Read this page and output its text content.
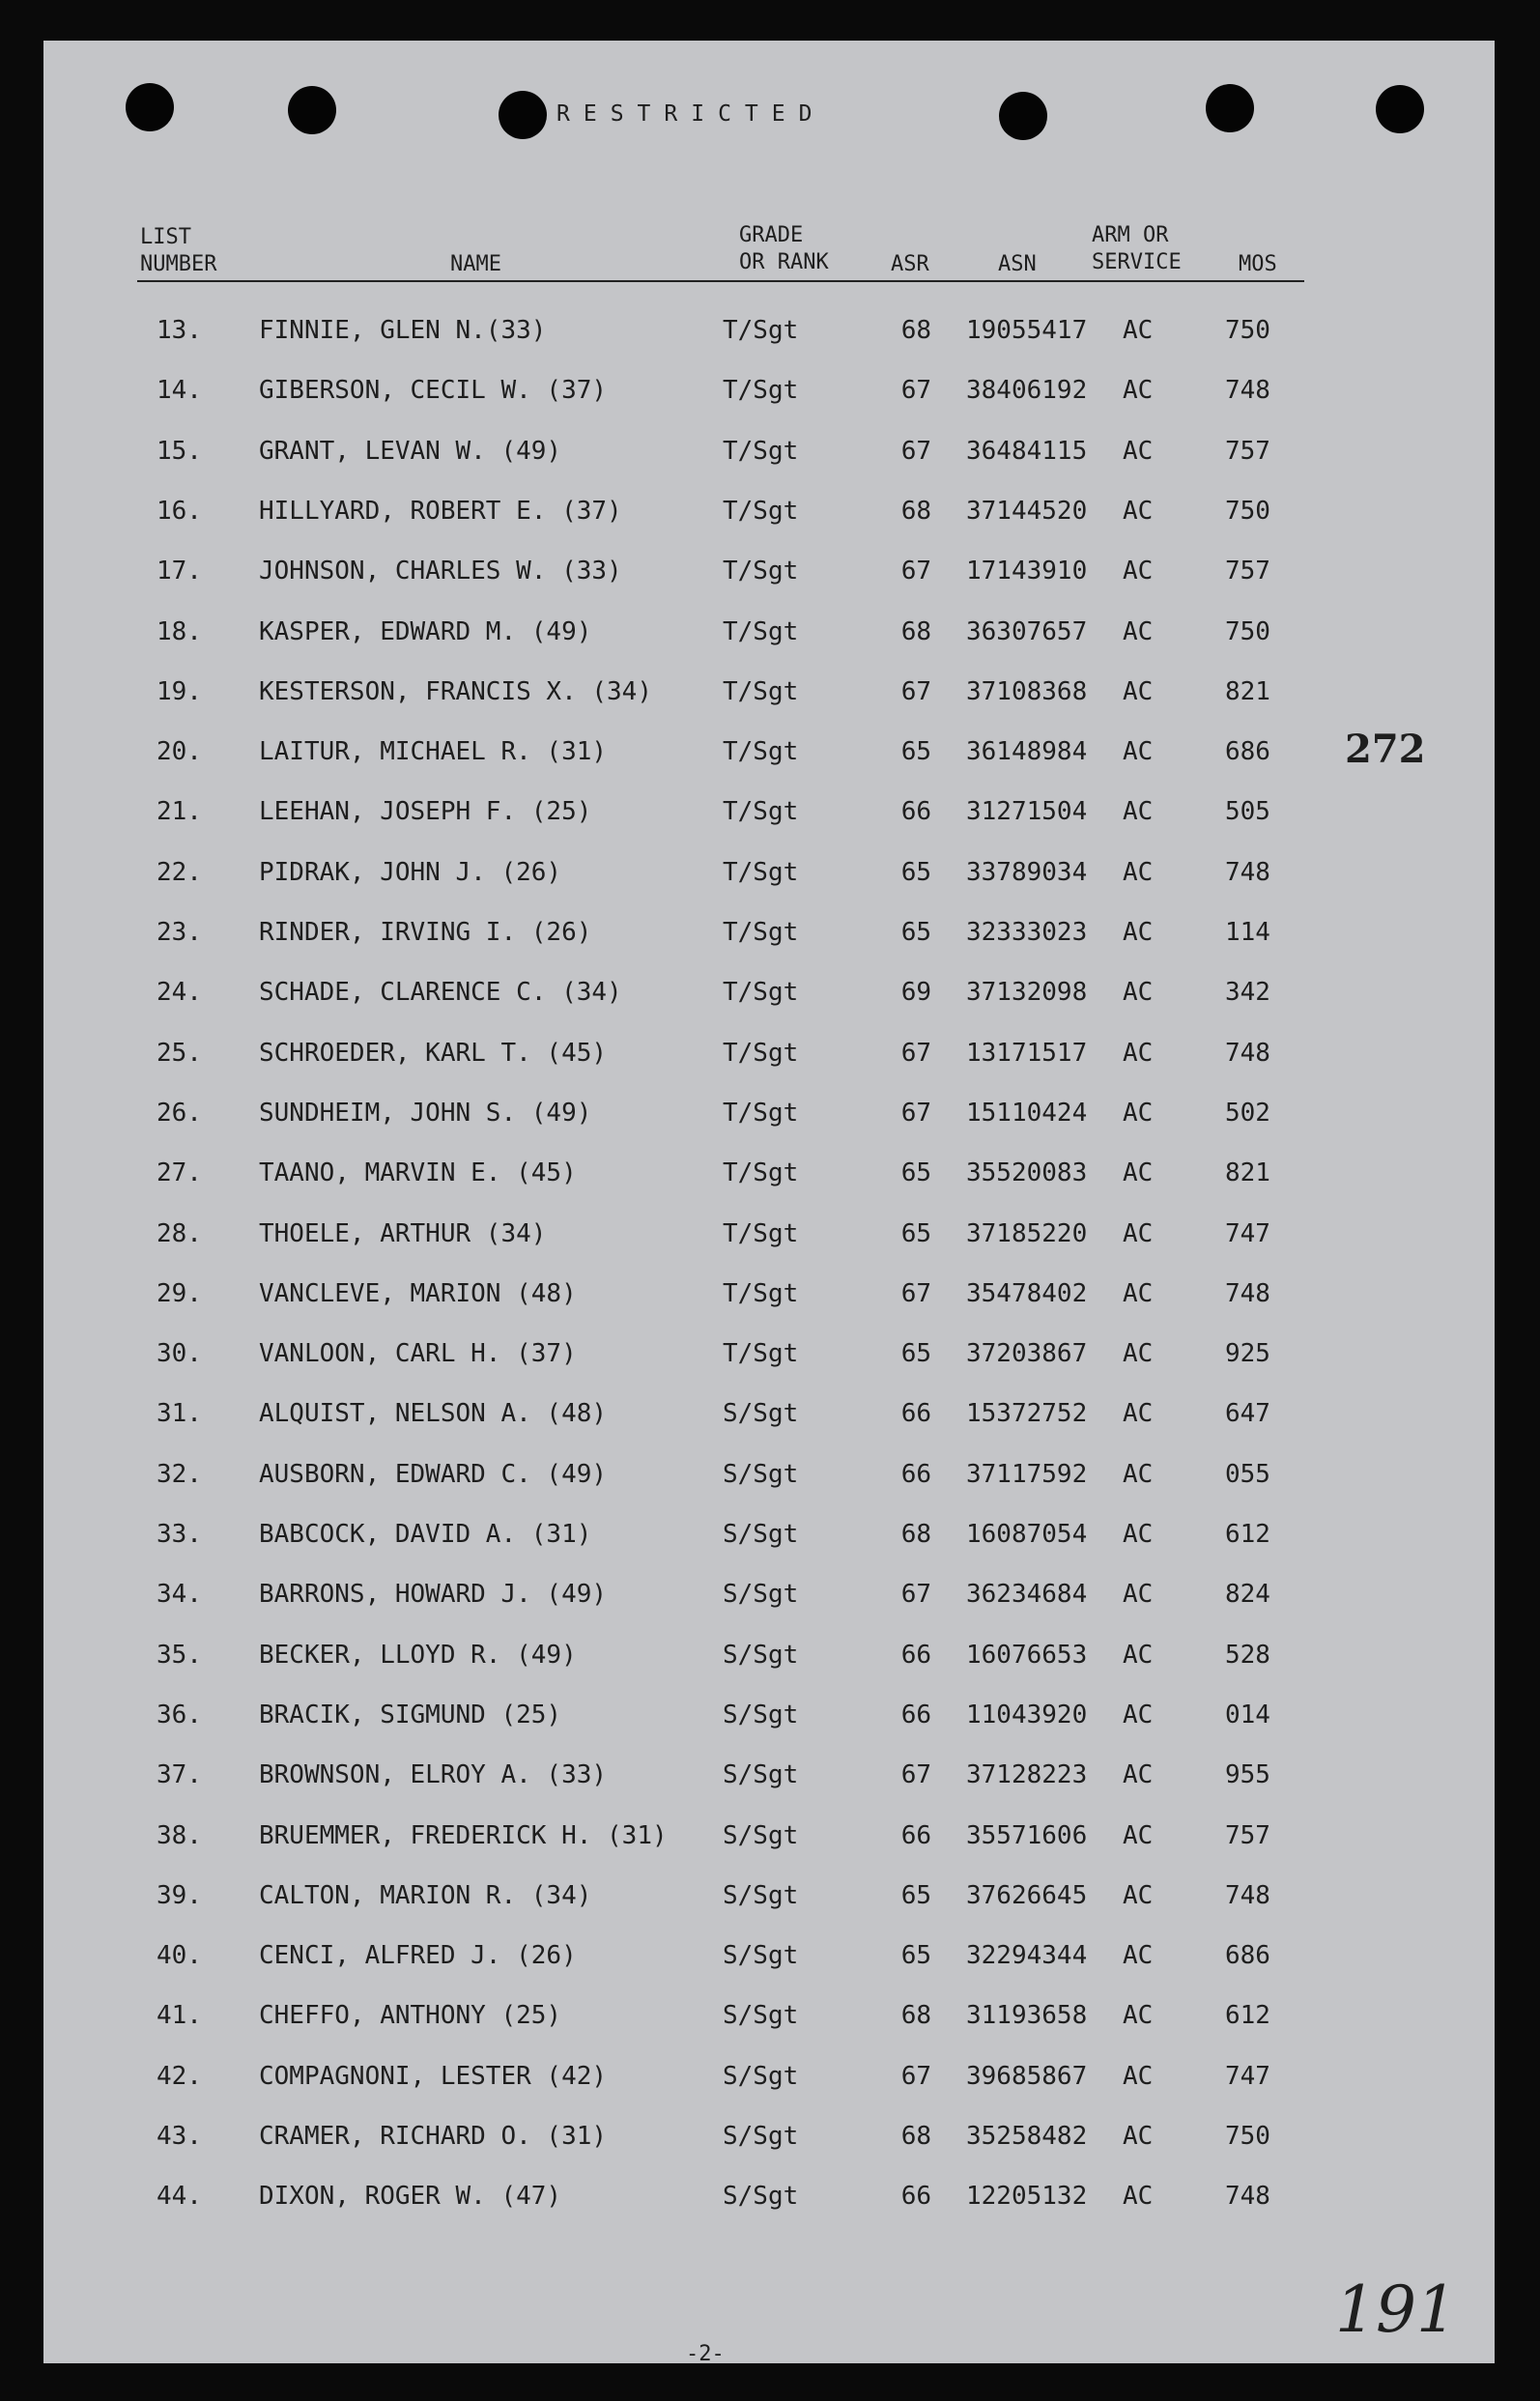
RESTRICTED
LIST
NUMBER	NAME
GRADE
OR RANK	ASR	ASN
ARM OR
SERVICE	MOS
13. FINNIE, GLEN N.(33)	T/Sgt	68 19055417 AC	750
14. GIBERSON, CECIL W. (37)	T/Sgt	67 38406192 AC	748
15. GRANT, LEVAN W. (49)	T/Sgt	67 36484115 AC	757
16. HILLYARD, ROBERT E. (37)	T/Sgt	68 37144520 AC	750
17. JOHNSON, CHARLES W. (33)	T/Sgt	67 17143910 AC	757
18. KASPER, EDWARD M. (49)	T/Sgt	68 36307657 AC	750
19. KESTERSON, FRANCIS X. (34)	T/Sgt	67 37108368 AC	821
20. LAITUR, MICHAEL R. (31)	T/Sgt	65 36148984 AC	686
21. LEEHAN, JOSEPH F. (25)	T/Sgt	66 31271504 AC	505
22. PIDRAK, JOHN J. (26)	T/Sgt	65 33789034 AC	748
23. RINDER, IRVING I. (26)	T/Sgt	65 32333023 AC	114
24. SCHADE, CLARENCE C. (34)	T/Sgt	69 37132098 AC	342
25. SCHROEDER, KARL T. (45)	T/Sgt	67 13171517 AC	748
26. SUNDHEIM, JOHN S. (49)	T/Sgt	67 15110424 AC	502
27. TAANO, MARVIN E. (45)	T/Sgt	65 35520083 AC	821
28. THOELE, ARTHUR (34)	T/Sgt	65 37185220 AC	747
29. VANCLEVE, MARION (48)	T/Sgt	67 35478402 AC	748
30. VANLOON, CARL H. (37)	T/Sgt	65 37203867 AC	925
31. ALQUIST, NELSON A. (48)	S/Sgt	66 15372752 AC	647
32. AUSBORN, EDWARD C. (49)	S/Sgt	66 37117592 AC	055
33. BABCOCK, DAVID A. (31)	S/Sgt	68 16087054 AC	612
34. BARRONS, HOWARD J. (49)	S/Sgt	67 36234684 AC	824
35. BECKER, LLOYD R. (49)	S/Sgt	66 16076653 AC	528
36. BRACIK, SIGMUND (25)	S/Sgt	66 11043920 AC	014
37. BROWNSON, ELROY A. (33)	S/Sgt	67 37128223 AC	955
38. BRUEMMER, FREDERICK H. (31) S/Sgt	66 35571606 AC	757
39. CALTON, MARION R. (34)	S/Sgt	65 37626645 AC	748
40. CENCI, ALFRED J. (26)	S/Sgt	65 32294344 AC	686
41. CHEFFO, ANTHONY (25)	S/Sgt	68 31193658 AC	612
42. COMPAGNONI, LESTER (42)	S/Sgt	67 39685867 AC	747
43. CRAMER, RICHARD O. (31)	S/Sgt	68 35258482 AC	750
44. DIXON, ROGER W. (47)	S/Sgt	66 12205132 AC	748
272
191
-2-
